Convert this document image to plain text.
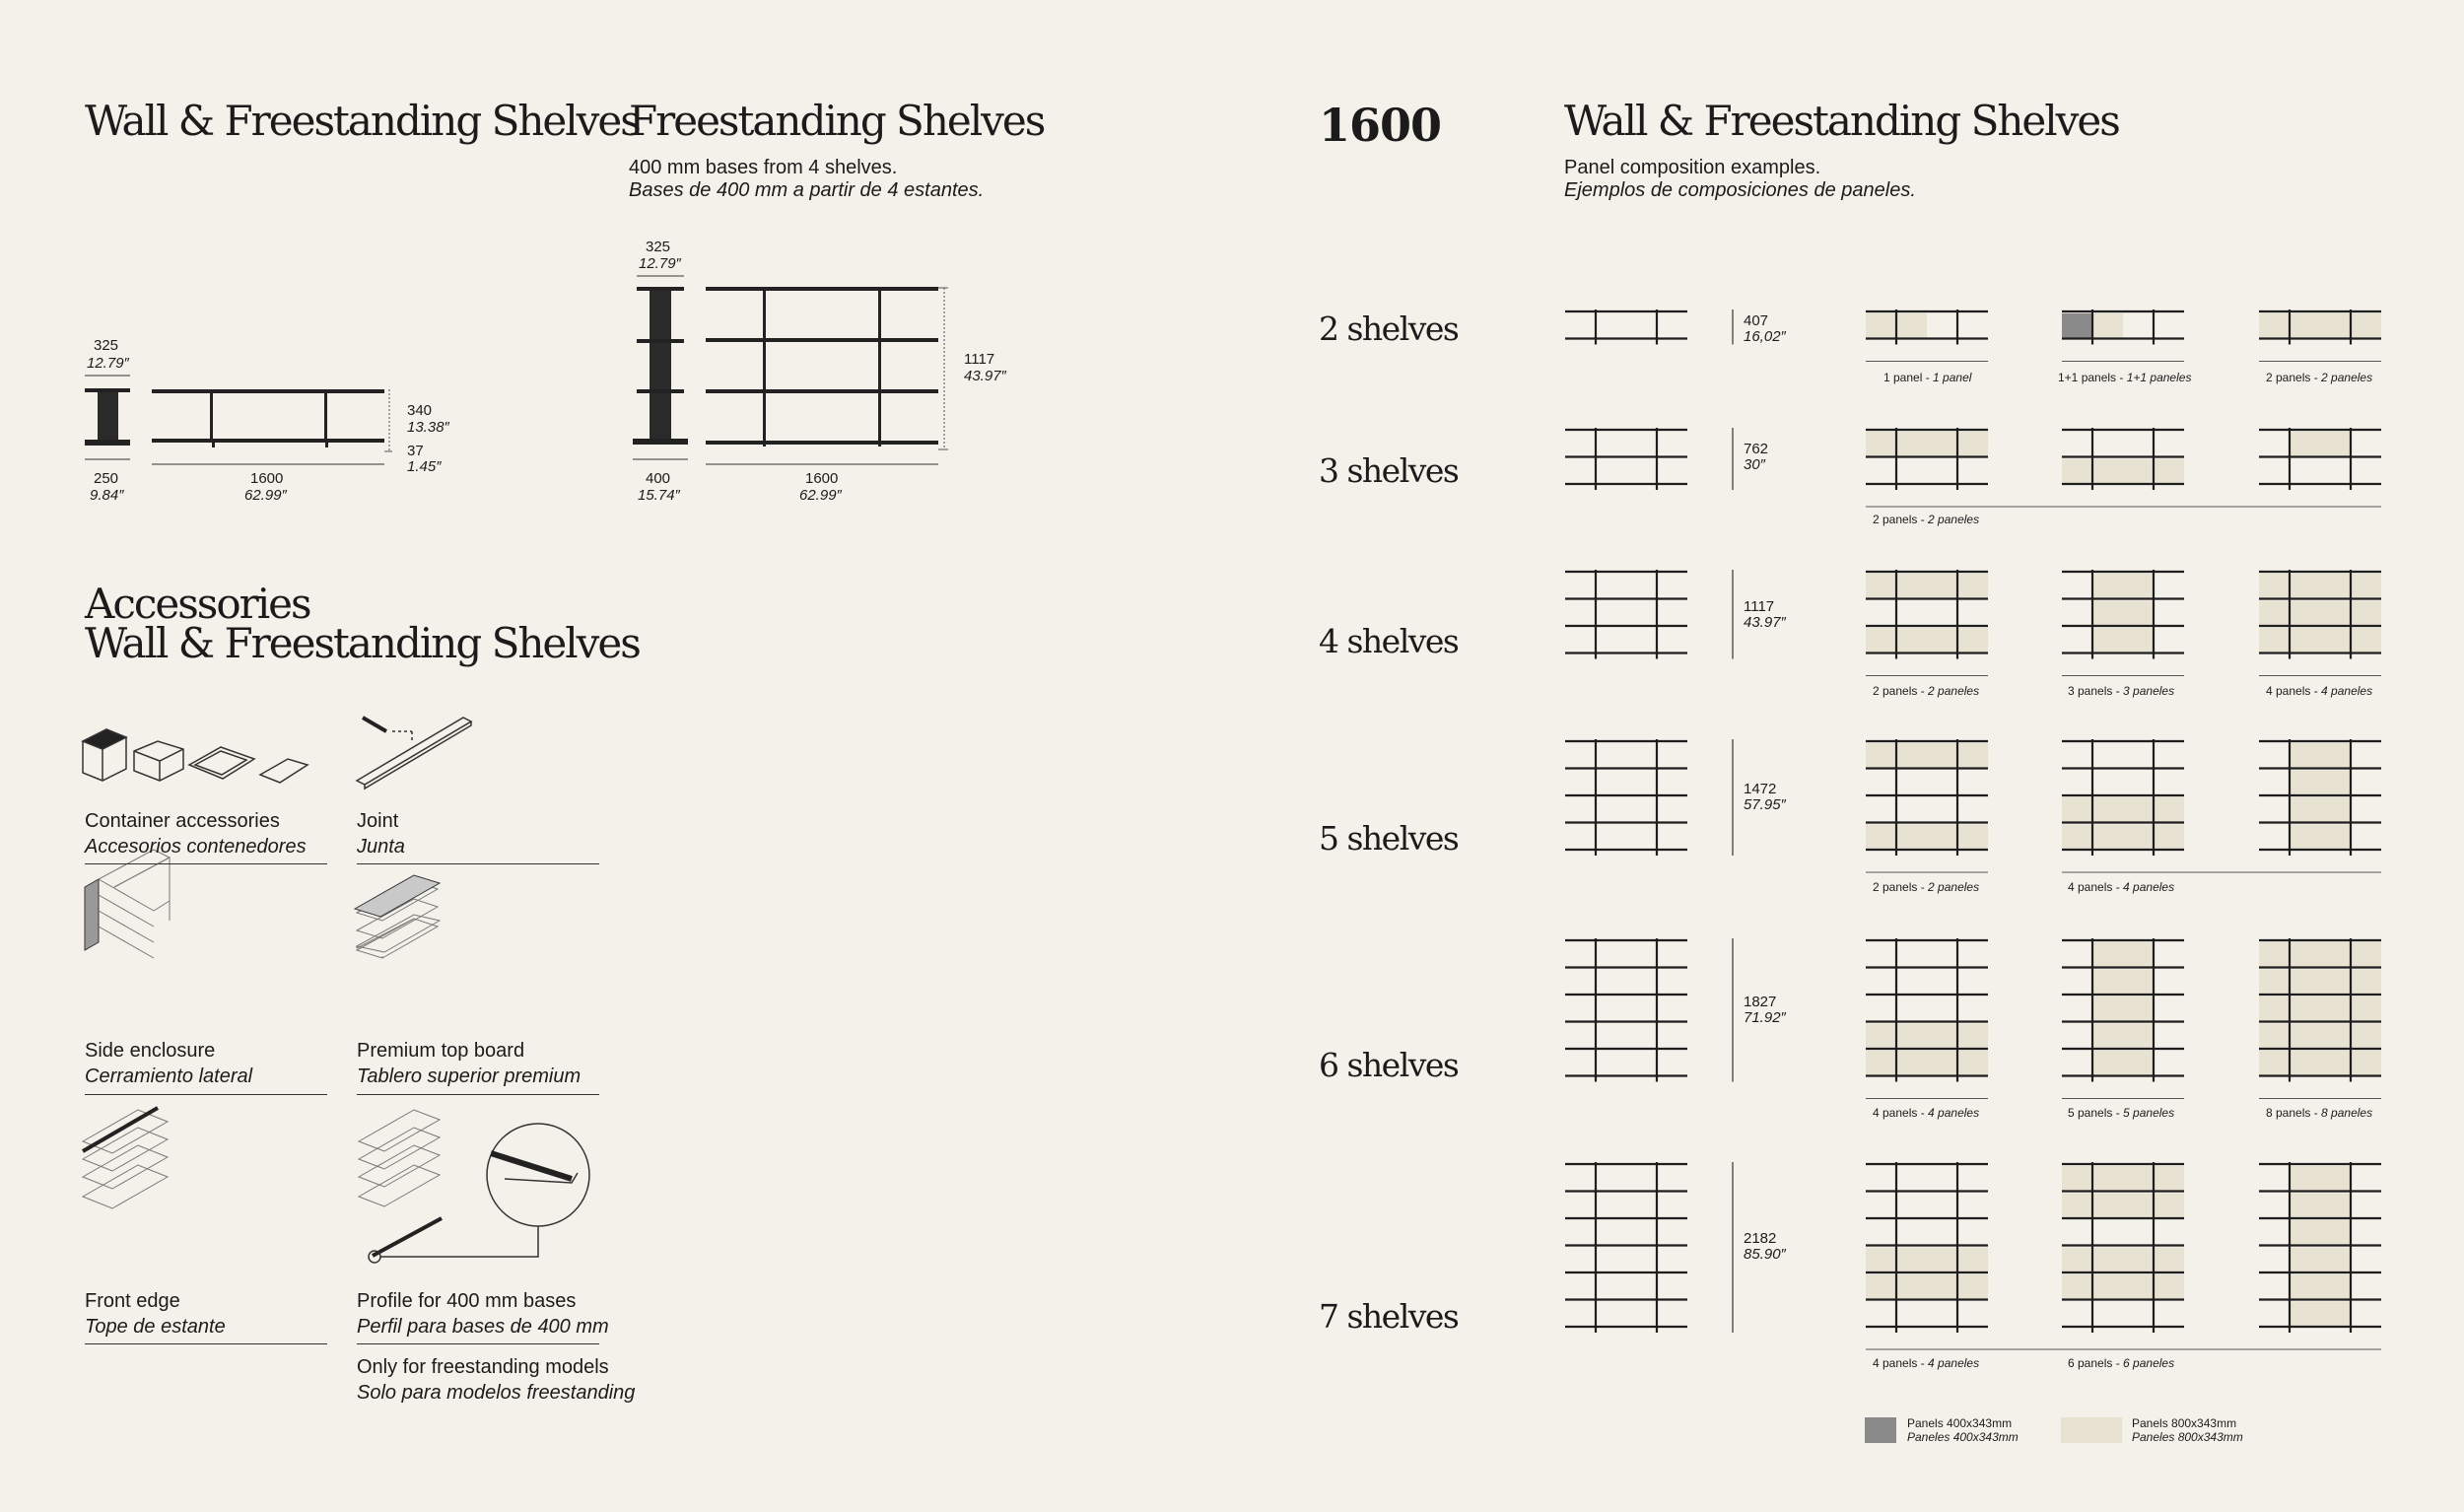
Wall & Freestanding Shelves
325
12.79″
250
9.84″
1600
62.99″
340
13.38″
37
1.45″
Freestanding Shelves
400 mm bases from 4 shelves.
Bases de 400 mm a partir de 4 estantes.
325
12.79″
1117
43.97″
400
15.74″
1600
62.99″
Accessories
Wall & Freestanding Shelves
Container accessories
Accesorios contenedores
Joint
Junta
Side enclosure
Cerramiento lateral
Premium top board
Tablero superior premium
Front edge
Tope de estante
Profile for 400 mm bases
Perfil para bases de 400 mm
Only for freestanding models
Solo para modelos freestanding
1600	Wall & Freestanding Shelves
Panel composition examples.
Ejemplos de composiciones de paneles.
2 shelves
3 shelves
4 shelves
5 shelves
6 shelves
7 shelves
407
16,02″
762
30″
1117
43.97″
1472
57.95″
1827
71.92″
2182
85.90″
1 panel - 1 panel	1+1 panels - 1+1 paneles	2 panels - 2 paneles
2 panels - 2 paneles
2 panels - 2 paneles	3 panels - 3 paneles	4 panels - 4 paneles
2 panels - 2 paneles	4 panels - 4 paneles
4 panels - 4 paneles	5 panels - 5 paneles	8 panels - 8 paneles
4 panels - 4 paneles	6 panels - 6 paneles
Panels 400x343mm
Paneles 400x343mm
Panels 800x343mm
Paneles 800x343mm
